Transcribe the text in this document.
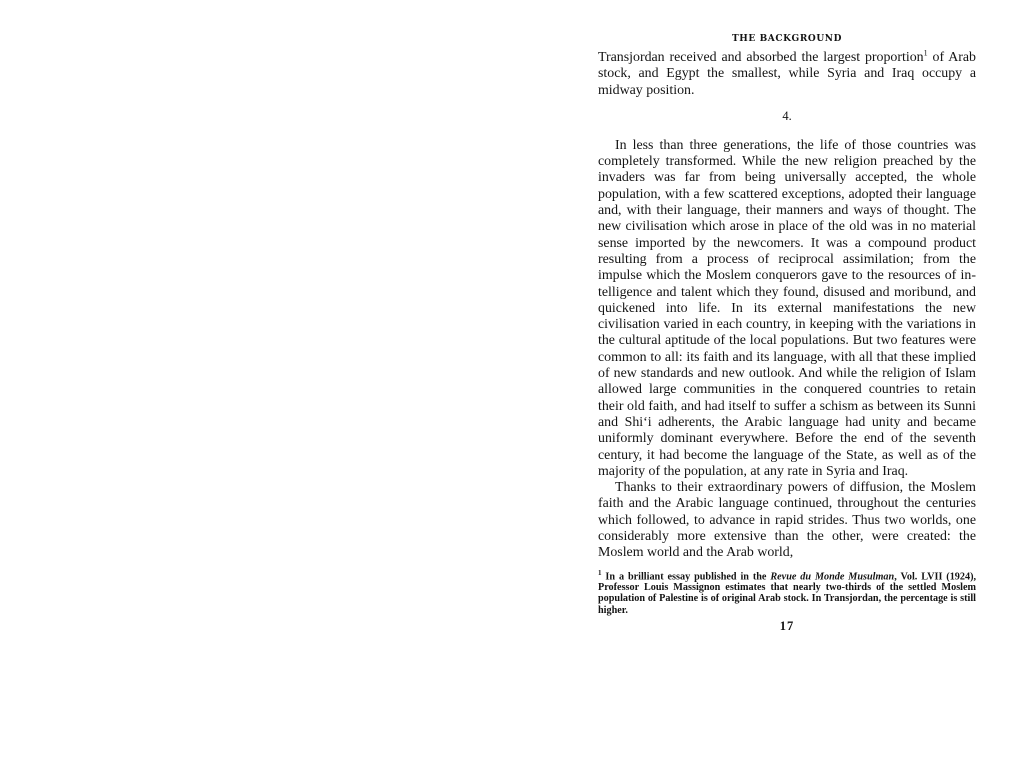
THE BACKGROUND

Transjordan received and absorbed the largest proportion$^1$ of Arab stock, and Egypt the smallest, while Syria and Iraq occupy a midway position.

4.

In less than three generations, the life of those countries was completely transformed. While the new religion preached by the invaders was far from being universally accepted, the whole population, with a few scattered exceptions, adopted their language and, with their language, their manners and ways of thought. The new civilisation which arose in place of the old was in no material sense imported by the newcomers. It was a compound product resulting from a process of reciprocal assimilation; from the impulse which the Moslem conquerors gave to the resources of intelligence and talent which they found, disused and moribund, and quickened into life. In its external manifestations the new civilisation varied in each country, in keeping with the variations in the cultural aptitude of the local populations. But two features were common to all: its faith and its language, with all that these implied of new standards and new outlook. And while the religion of Islam allowed large communities in the conquered countries to retain their old faith, and had itself to suffer a schism as between its Sunni and Shi‘i adherents, the Arabic language had unity and became uniformly dominant everywhere. Before the end of the seventh century, it had become the language of the State, as well as of the majority of the population, at any rate in Syria and Iraq.

Thanks to their extraordinary powers of diffusion, the Moslem faith and the Arabic language continued, throughout the centuries which followed, to advance in rapid strides. Thus two worlds, one considerably more extensive than the other, were created: the Moslem world and the Arab world,

$^1$ In a brilliant essay published in the Revue du Monde Musulman, Vol. LVII (1924), Professor Louis Massignon estimates that nearly two-thirds of the settled Moslem population of Palestine is of original Arab stock. In Transjordan, the percentage is still higher.
17
